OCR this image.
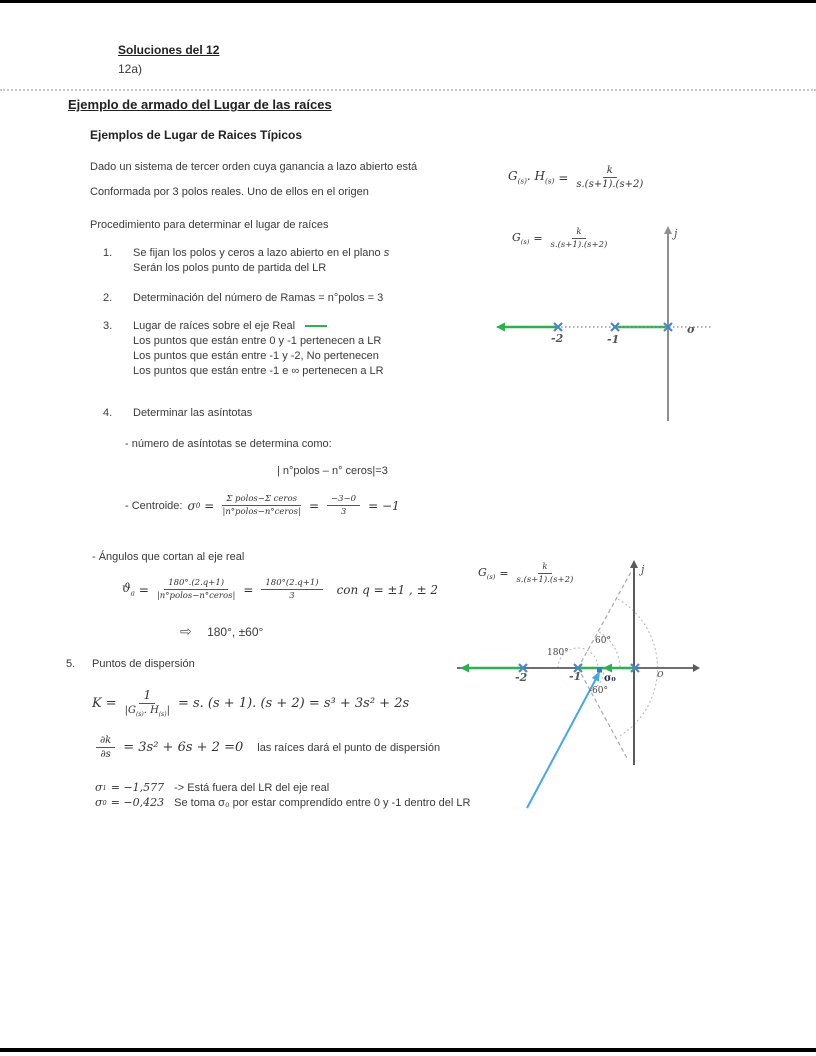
Soluciones del 12
12a)
Ejemplo de armado del Lugar de las raíces
Ejemplos de Lugar de Raices Típicos
Dado un sistema de tercer orden cuya ganancia a lazo abierto está
Conformada por 3 polos reales. Uno de ellos en el origen
Procedimiento para determinar el lugar de raíces
$G_{(s)}$. $H_{(s)} = \frac{k}{s.(s+1).(s+2)}$
1. Se fijan los polos y ceros a lazo abierto en el plano s
Serán los polos punto de partida del LR
2. Determinación del número de Ramas = n°polos = 3
3. Lugar de raíces sobre el eje Real
Los puntos que están entre 0 y -1 pertenecen a LR
Los puntos que están entre -1 y -2, No pertenecen
Los puntos que están entre -1 e ∞ pertenecen a LR
4. Determinar las asíntotas
- número de asíntotas se determina como:
| n°polos – n° ceros|=3
- Centroide: σ $0 = \frac{\text{Σ polos−Σ ceros}}{\text{|n°polos−n°ceros|}} = \frac{-3-0}{3} = -1$
- Ángulos que cortan al eje real
$ϑ_a = \frac{180^\circ.(2.q+1)}{\text{|n°polos−n°ceros|}} = \frac{180^\circ(2.q+1)}{3}$ con q = ±1 , ± 2
⇨ 180°, ±60°
5. Puntos de dispersión
$K = \frac{1}{|G_{(s)}. H_{(s)}|} = s$. (s + 1). (s + 2) = s³ + 3s² + 2s
$\frac{\partial k}{\partial s} = 3s^2 + 6s + 2 =0$ las raíces dará el punto de dispersión
σ 1 = −1,577 -> Está fuera del LR del eje real
σ 0 = −0,423 Se toma σ₀ por estar comprendido entre 0 y -1 dentro del LR
-2	-1
σ
j
$G_{(s)} = \frac{k}{s.(s+1).(s+2)}$
-2	-1	o
j
180°
60°
-60°
σ₀
$G_{(s)} = \frac{k}{s.(s+1).(s+2)}$
